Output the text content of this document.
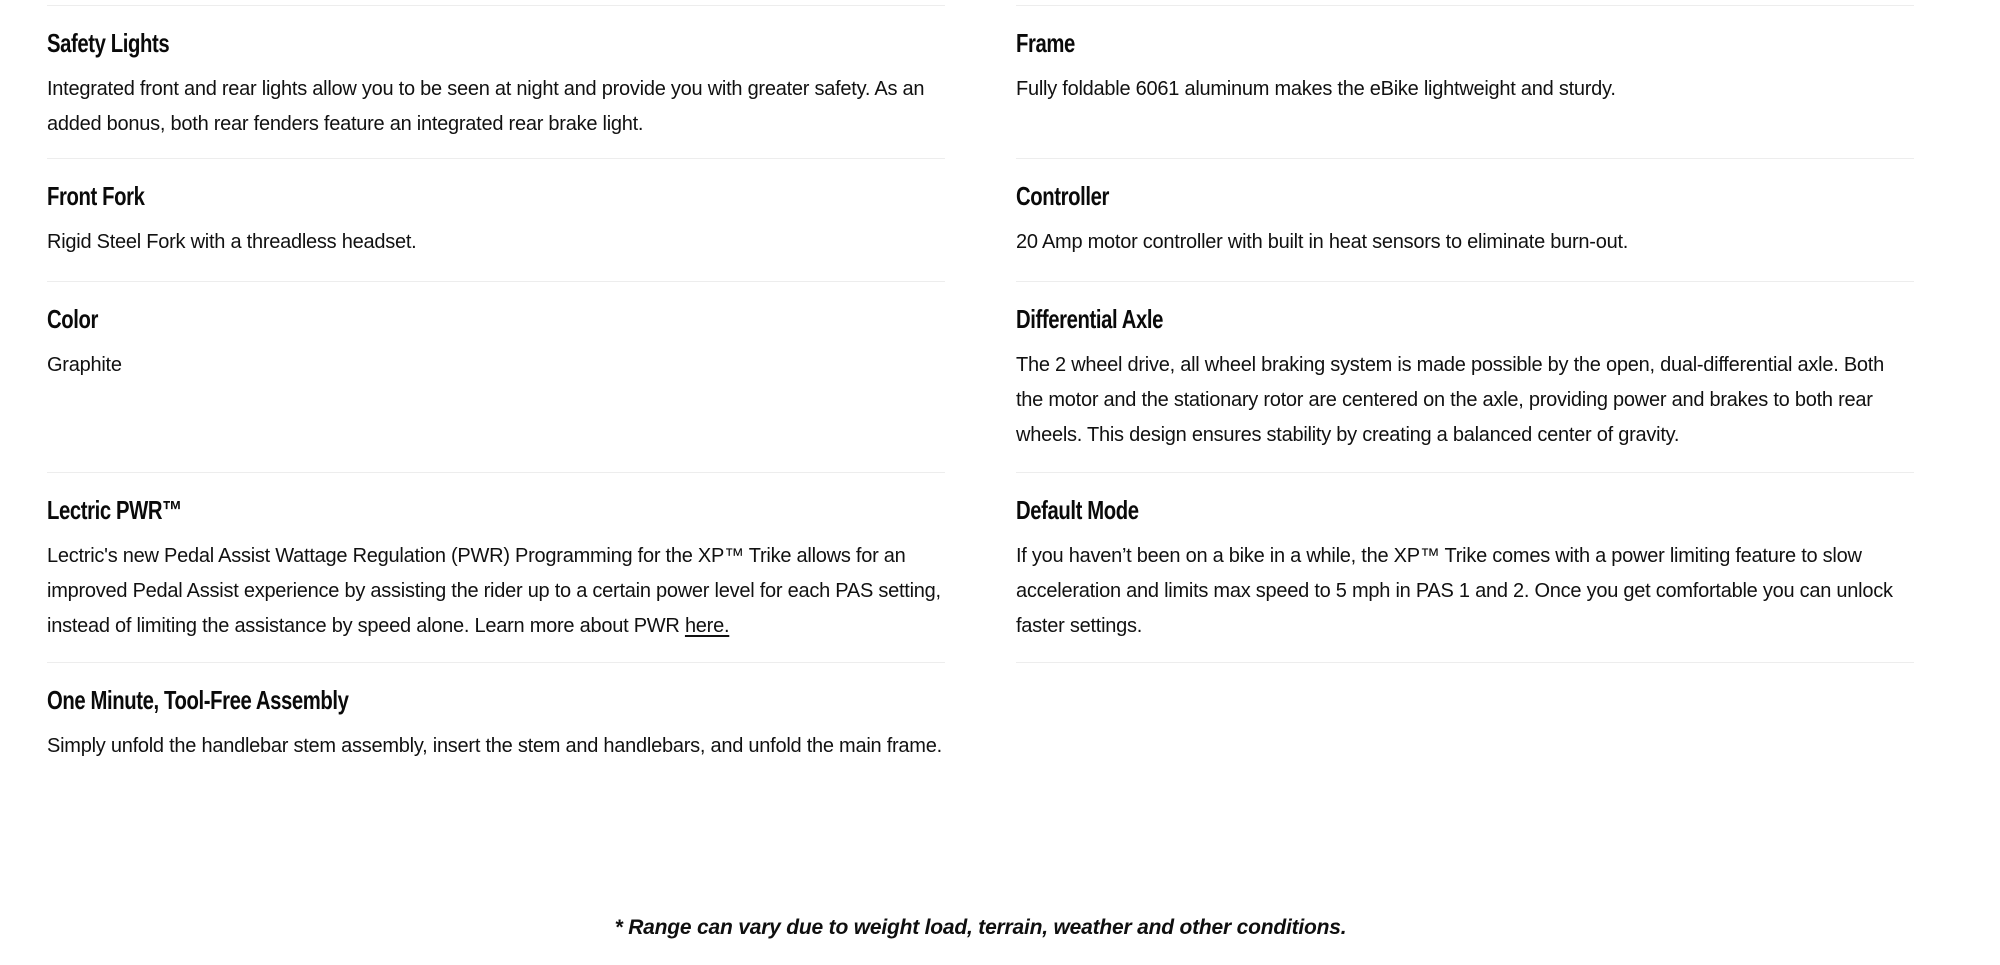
Safety Lights

Integrated front and rear lights allow you to be seen at night and provide you with greater safety. As an added bonus, both rear fenders feature an integrated rear brake light.

Frame

Fully foldable 6061 aluminum makes the eBike lightweight and sturdy.

Front Fork

Rigid Steel Fork with a threadless headset.

Controller

20 Amp motor controller with built in heat sensors to eliminate burn-out.

Color

Graphite

Differential Axle

The 2 wheel drive, all wheel braking system is made possible by the open, dual-differential axle. Both the motor and the stationary rotor are centered on the axle, providing power and brakes to both rear wheels. This design ensures stability by creating a balanced center of gravity.

Lectric PWR™

Lectric's new Pedal Assist Wattage Regulation (PWR) Programming for the XP™ Trike allows for an improved Pedal Assist experience by assisting the rider up to a certain power level for each PAS setting, instead of limiting the assistance by speed alone. Learn more about PWR here.

Default Mode

If you haven’t been on a bike in a while, the XP™ Trike comes with a power limiting feature to slow acceleration and limits max speed to 5 mph in PAS 1 and 2. Once you get comfortable you can unlock faster settings.

One Minute, Tool-Free Assembly

Simply unfold the handlebar stem assembly, insert the stem and handlebars, and unfold the main frame.

* Range can vary due to weight load, terrain, weather and other conditions.
